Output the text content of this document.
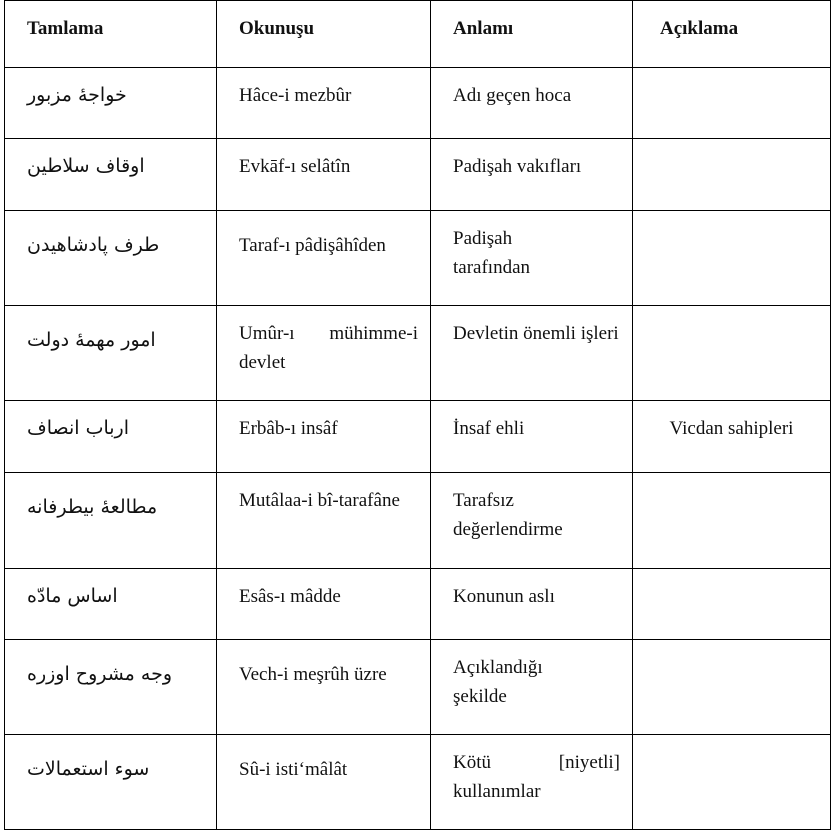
Tamlama	Okunuşu	Anlamı	Açıklama

خواجهٔ مزبور	Hâce-i mezbûr	Adı geçen hoca	

اوقاف سلاطين	Evkāf-ı selâtîn	Padişah vakıfları	

طرف پادشاهيدن	Taraf-ı pâdişâhîden	Padişah tarafından	

امور مهمهٔ دولت	Umûr-ı mühimme-i devlet	Devletin önemli işleri	

ارباب انصاف	Erbâb-ı insâf	İnsaf ehli	Vicdan sahipleri

مطالعهٔ بيطرفانه	Mutâlaa-i bî-tarafâne	Tarafsız değerlendirme	

اساس مادّه	Esâs-ı mâdde	Konunun aslı	

وجه مشروح اوزره	Vech-i meşrûh üzre	Açıklandığı şekilde	

سوء استعمالات	Sû-i isti‘mâlât	Kötü [niyetli] kullanımlar	
